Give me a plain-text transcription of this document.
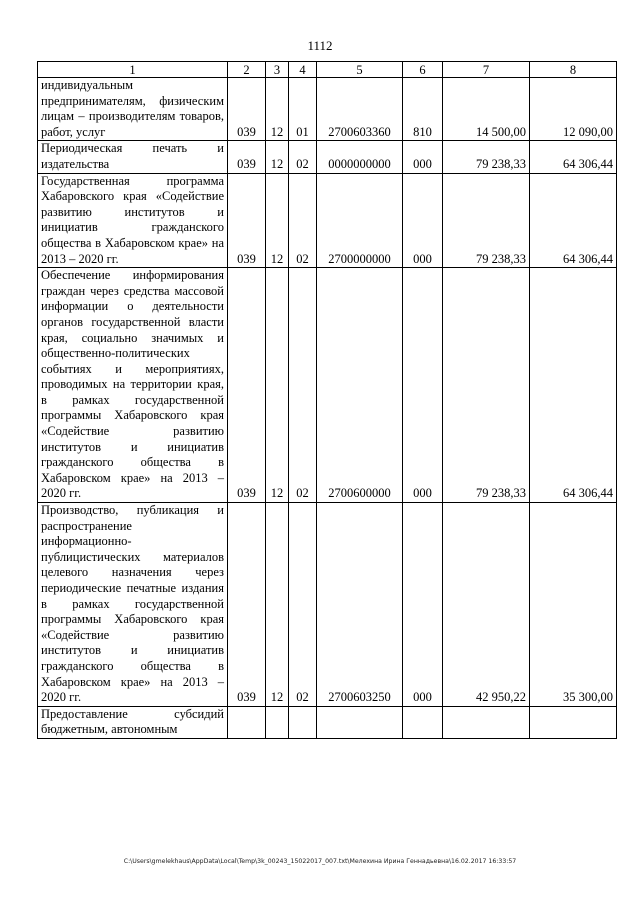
1112
1	2	3	4	5	6	7	8
индивидуальным предпринимателям, физическим лицам – производителям товаров, работ, услуг	039	12	01	2700603360	810	14 500,00	12 090,00
Периодическая печать и издательства	039	12	02	0000000000	000	79 238,33	64 306,44
Государственная программа Хабаровского края «Содействие развитию институтов и инициатив гражданского общества в Хабаровском крае» на 2013 – 2020 гг.	039	12	02	2700000000	000	79 238,33	64 306,44
Обеспечение информирования граждан через средства массовой информации о деятельности органов государственной власти края, социально значимых и общественно-политических событиях и мероприятиях, проводимых на территории края, в рамках государственной программы Хабаровского края «Содействие развитию институтов и инициатив гражданского общества в Хабаровском крае» на 2013 – 2020 гг.	039	12	02	2700600000	000	79 238,33	64 306,44
Производство, публикация и распространение информационно-публицистических материалов целевого назначения через периодические печатные издания в рамках государственной программы Хабаровского края «Содействие развитию институтов и инициатив гражданского общества в Хабаровском крае» на 2013 – 2020 гг.	039	12	02	2700603250	000	42 950,22	35 300,00
Предоставление субсидий бюджетным, автономным							
C:\Users\gmelekhaus\AppData\Local\Temp\3k_00243_15022017_007.txt\Мелехина Ирина Геннадьевна\16.02.2017 16:33:57
